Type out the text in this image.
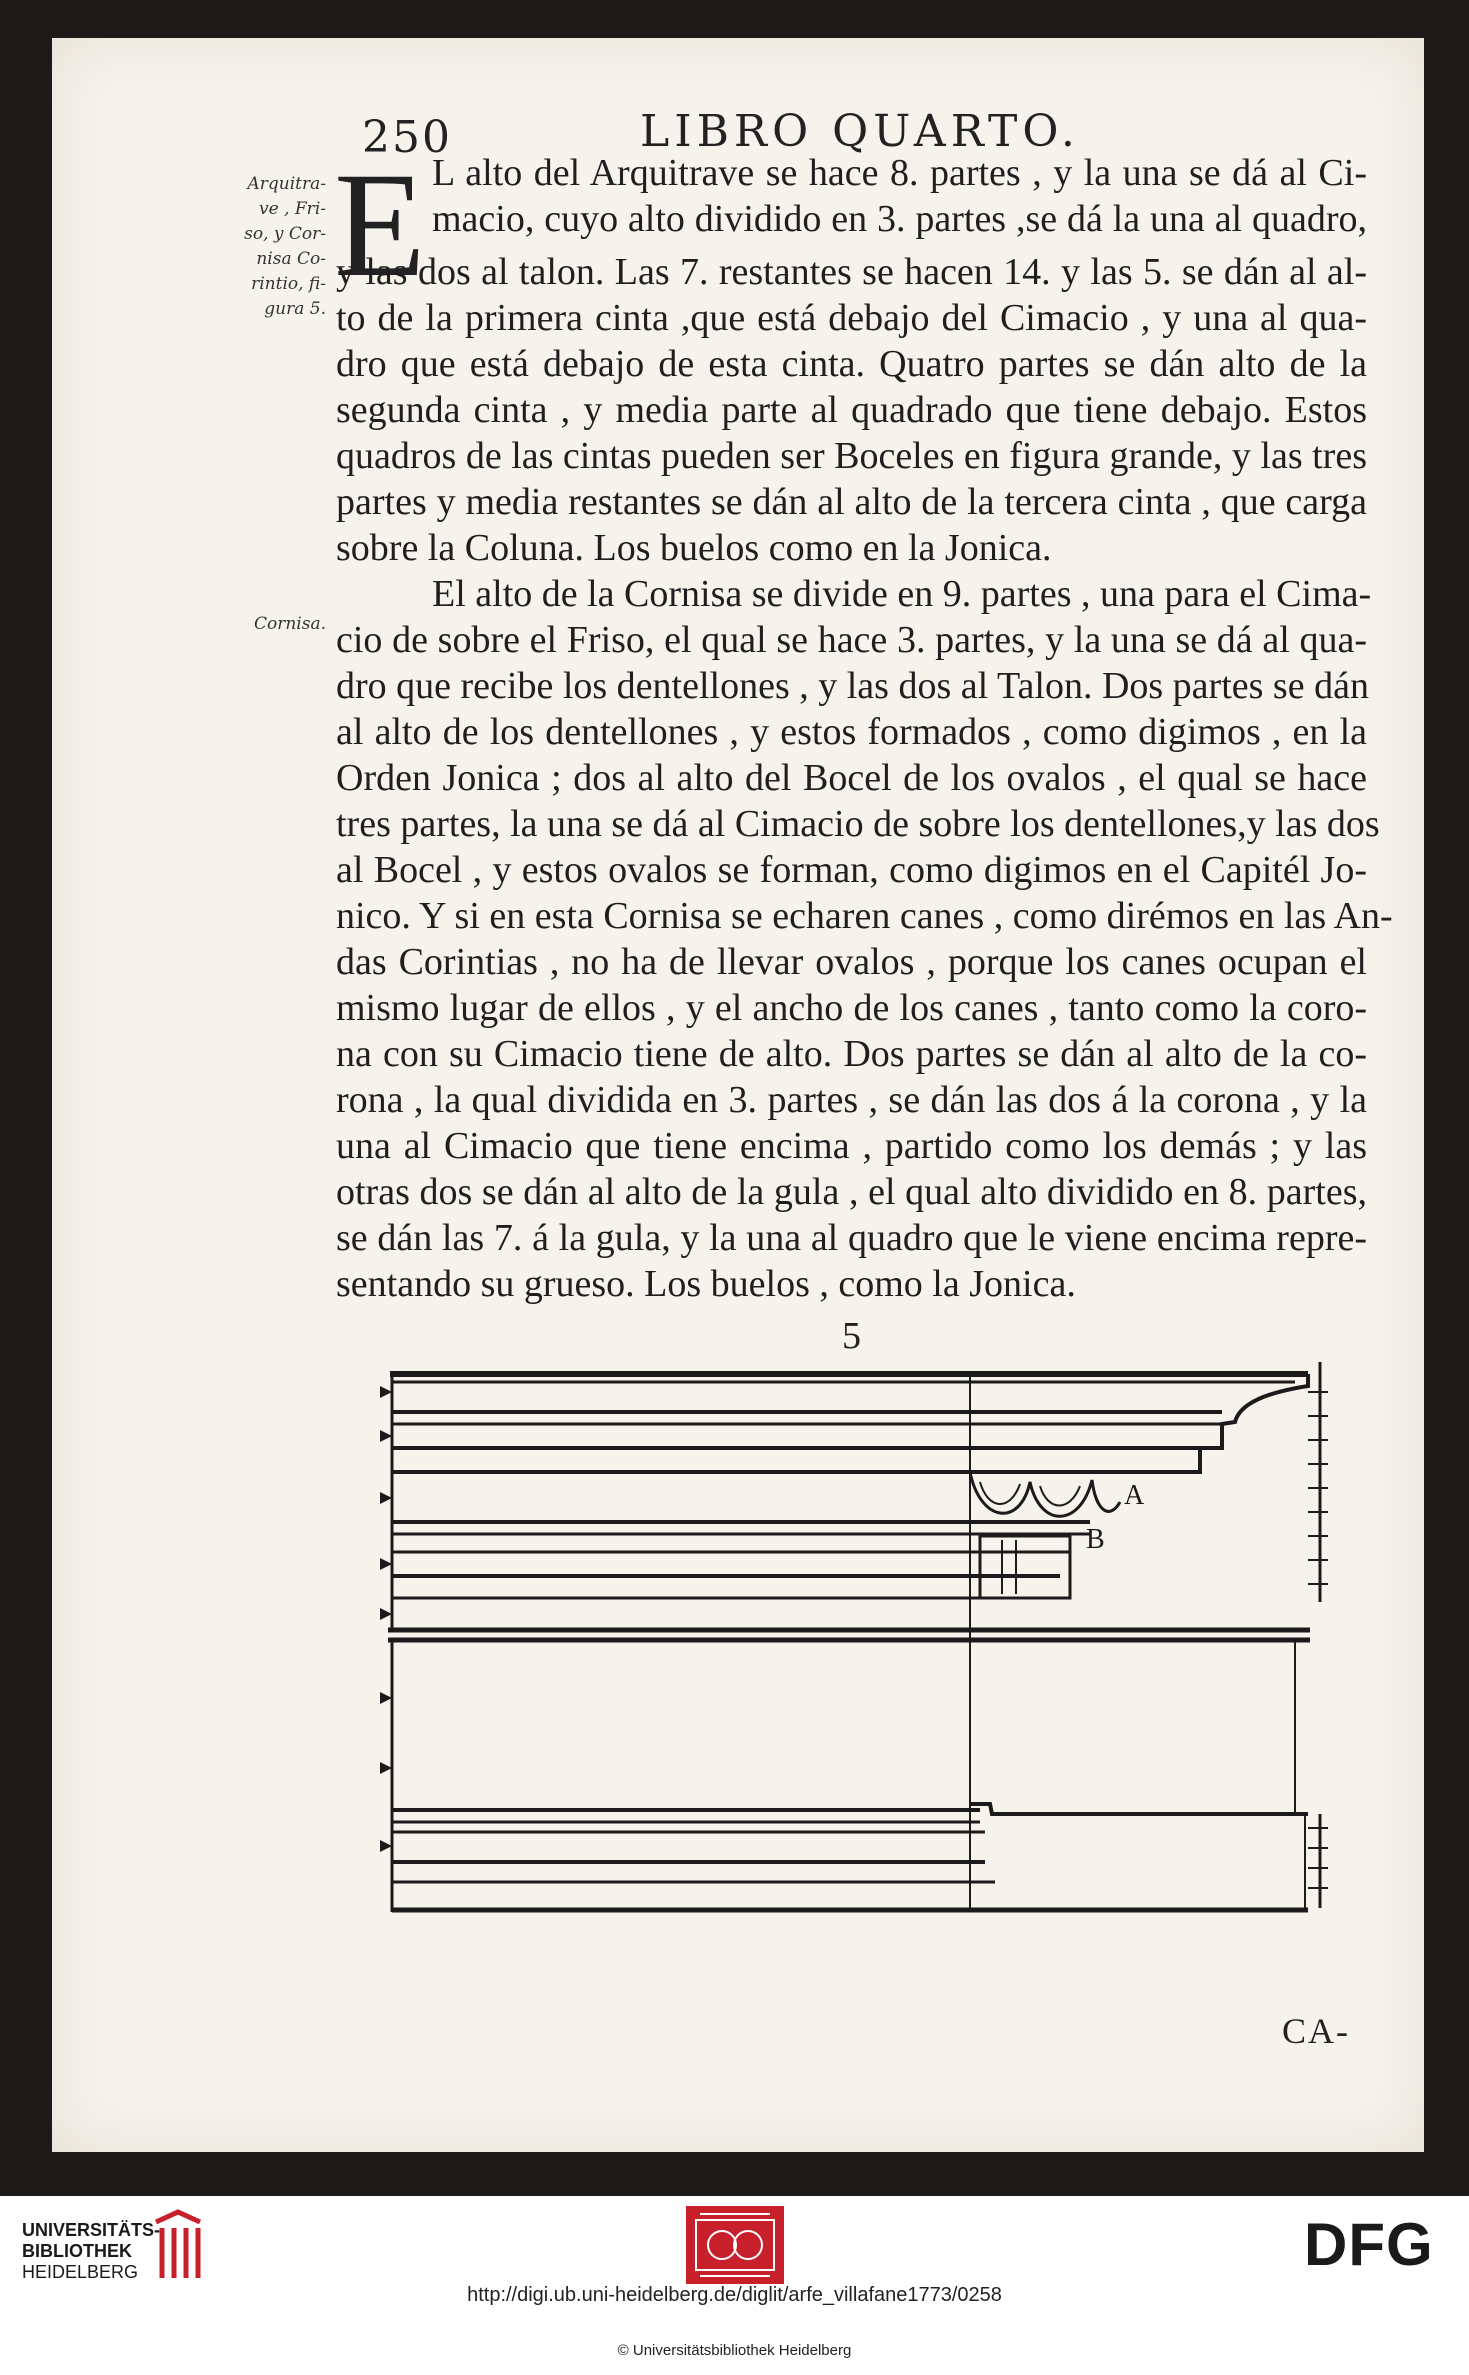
250	LIBRO QUARTO.
Arquitra-
ve , Fri-
so, y Cor-
nisa Co-
rintio, fi-
gura 5.
Cornisa.
E L alto del Arquitrave se hace 8. partes , y la una se dá al Ci-
macio, cuyo alto dividido en 3. partes ,se dá la una al quadro,
y las dos al talon. Las 7. restantes se hacen 14. y las 5. se dán al al-
to de la primera cinta ,que está debajo del Cimacio , y una al qua-
dro que está debajo de esta cinta. Quatro partes se dán alto de la
segunda cinta , y media parte al quadrado que tiene debajo. Estos
quadros de las cintas pueden ser Boceles en figura grande, y las tres
partes y media restantes se dán al alto de la tercera cinta , que carga
sobre la Coluna. Los buelos como en la Jonica.
El alto de la Cornisa se divide en 9. partes , una para el Cima-
cio de sobre el Friso, el qual se hace 3. partes, y la una se dá al qua-
dro que recibe los dentellones , y las dos al Talon. Dos partes se dán
al alto de los dentellones , y estos formados , como digimos , en la
Orden Jonica ; dos al alto del Bocel de los ovalos , el qual se hace
tres partes, la una se dá al Cimacio de sobre los dentellones,y las dos
al Bocel , y estos ovalos se forman, como digimos en el Capitél Jo-
nico. Y si en esta Cornisa se echaren canes , como dirémos en las An-
das Corintias , no ha de llevar ovalos , porque los canes ocupan el
mismo lugar de ellos , y el ancho de los canes , tanto como la coro-
na con su Cimacio tiene de alto. Dos partes se dán al alto de la co-
rona , la qual dividida en 3. partes , se dán las dos á la corona , y la
una al Cimacio que tiene encima , partido como los demás ; y las
otras dos se dán al alto de la gula , el qual alto dividido en 8. partes,
se dán las 7. á la gula, y la una al quadro que le viene encima repre-
sentando su grueso. Los buelos , como la Jonica.
5
A
B
CA-
UNIVERSITÄTS-
BIBLIOTHEK
HEIDELBERG	DFG
http://digi.ub.uni-heidelberg.de/diglit/arfe_villafane1773/0258
© Universitätsbibliothek Heidelberg
